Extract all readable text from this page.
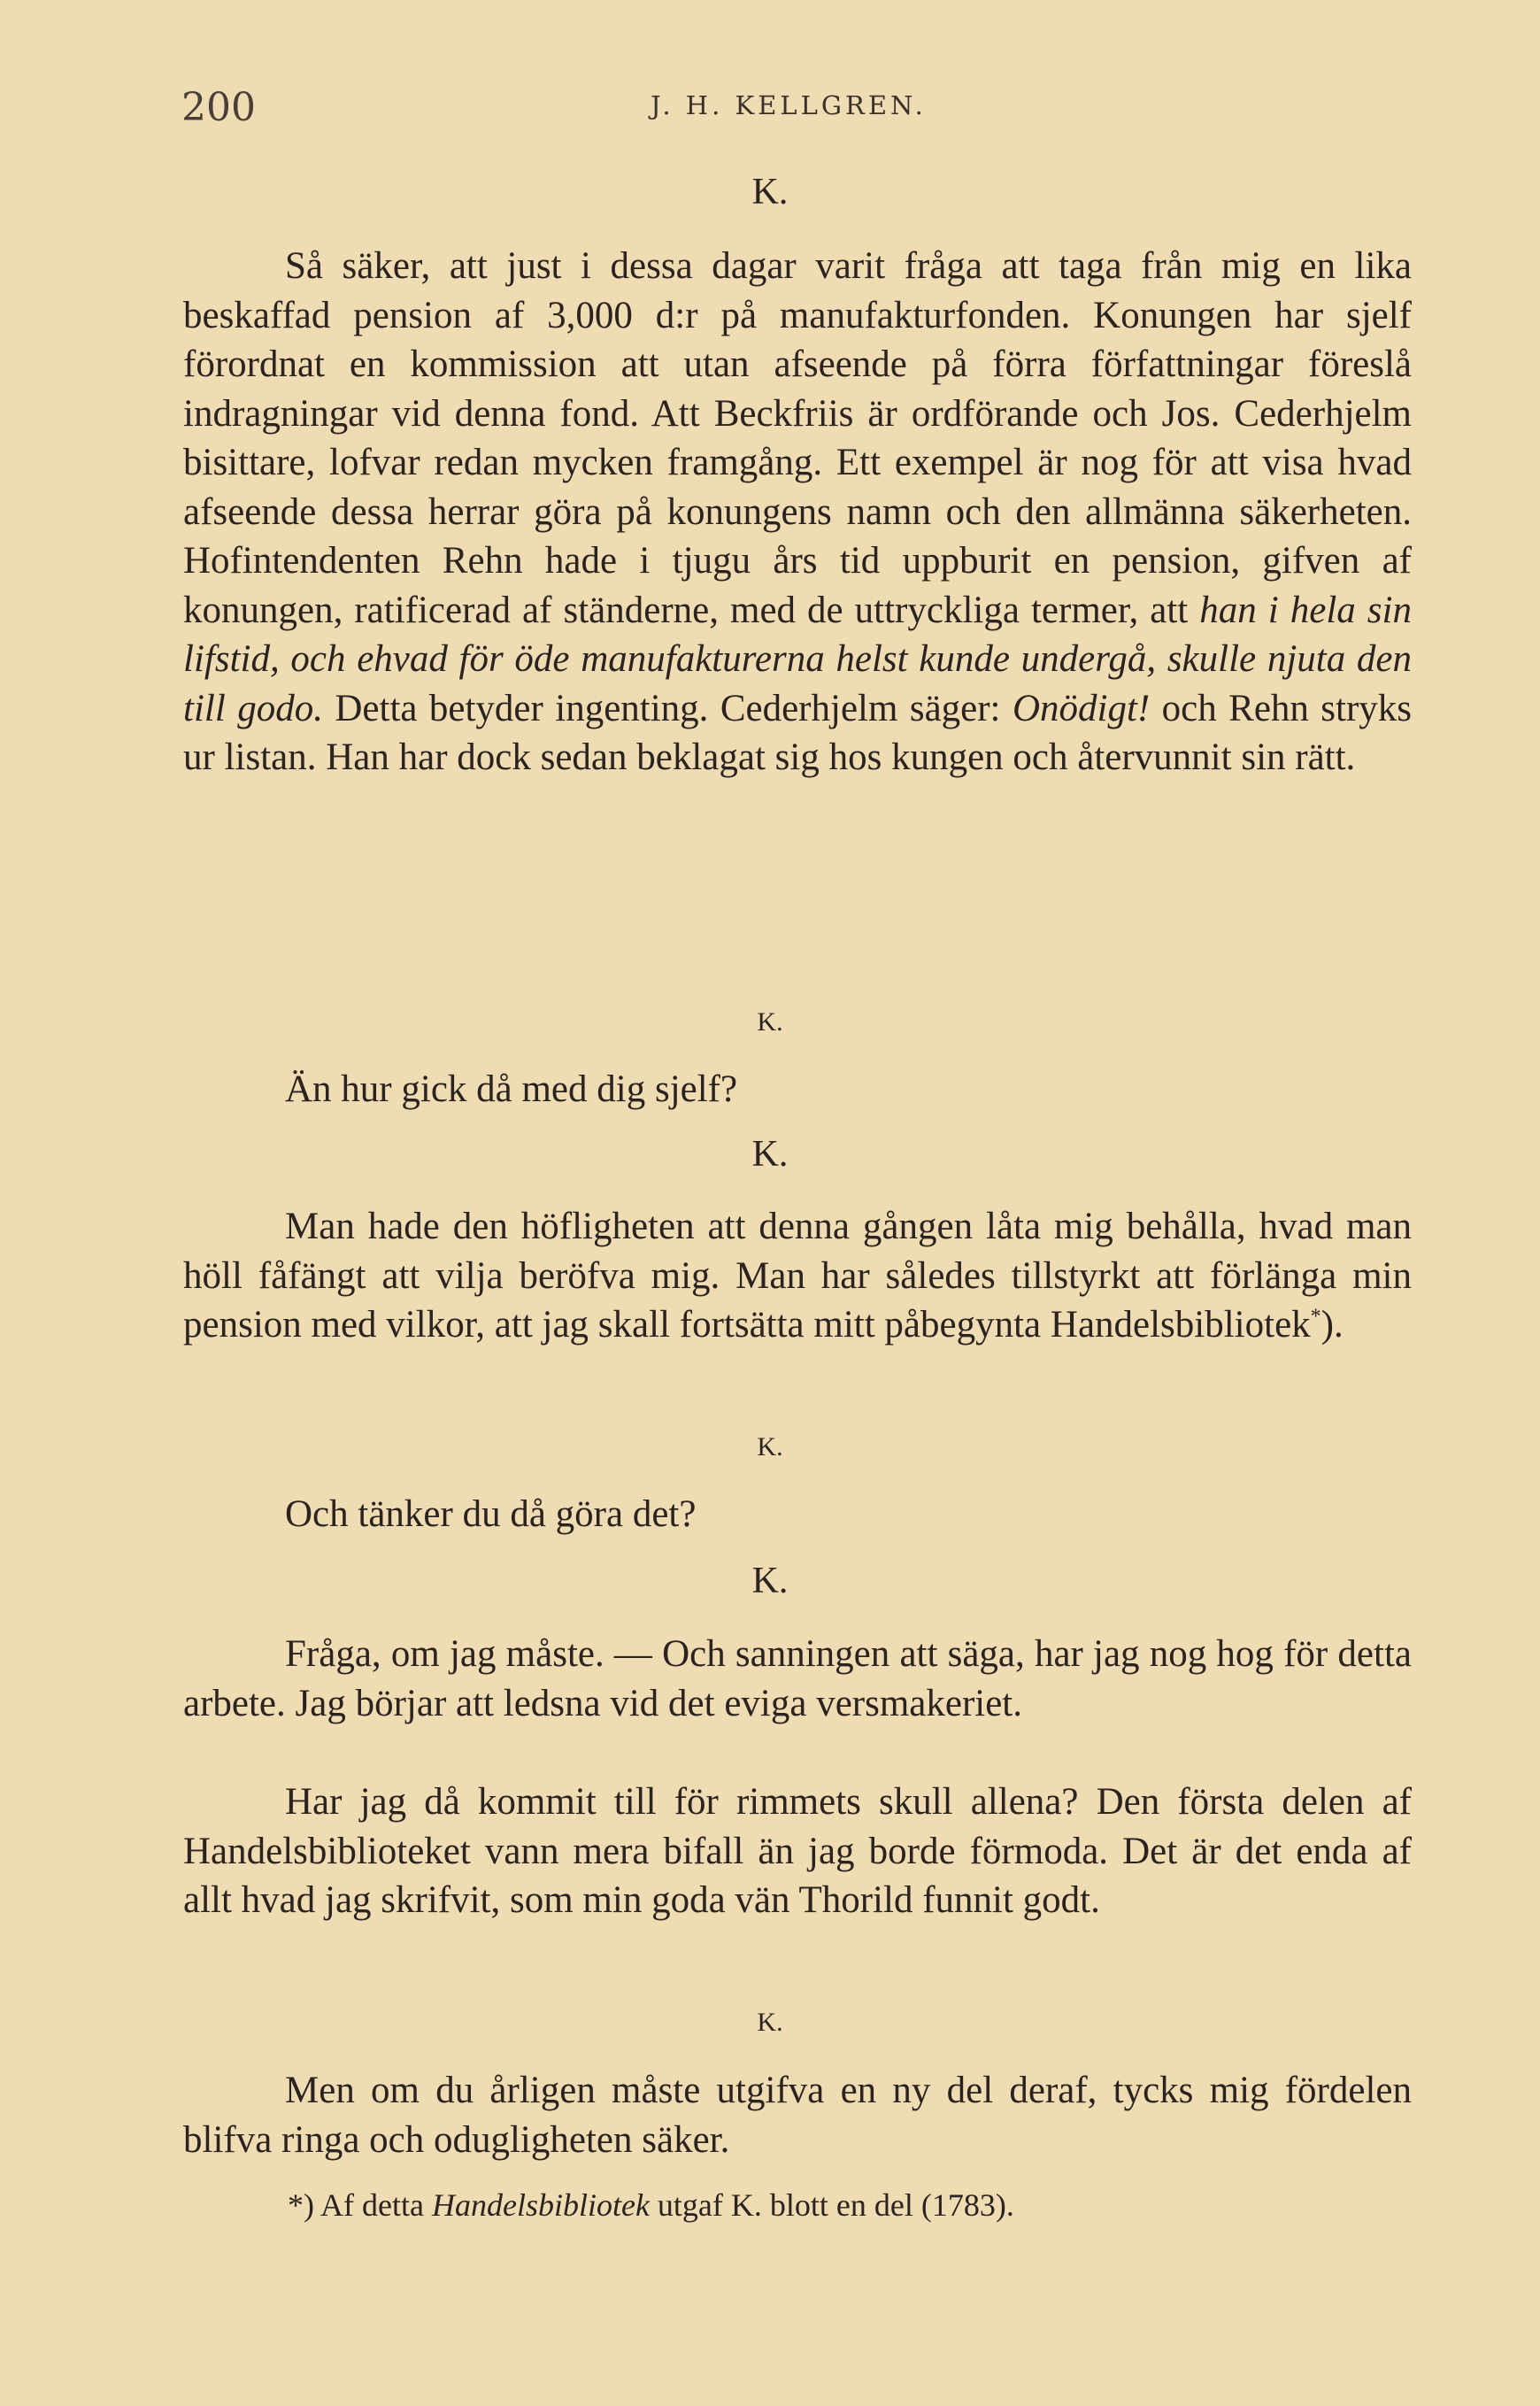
200	J. H. KELLGREN.
K.
Så säker, att just i dessa dagar varit fråga att taga från mig en lika beskaffad pension af 3,000 d:r på manufakturfonden. Konungen har sjelf förordnat en kommission att utan afseende på förra författningar föreslå indragningar vid denna fond. Att Beckfriis är ordförande och Jos. Cederhjelm bisittare, lofvar redan mycken framgång. Ett exempel är nog för att visa hvad afseende dessa herrar göra på konungens namn och den allmänna säkerheten. Hofintendenten Rehn hade i tjugu års tid uppburit en pension, gifven af konungen, ratificerad af ständerne, med de uttryckliga termer, att han i hela sin lifstid, och ehvad för öde manufakturerna helst kunde undergå, skulle njuta den till godo. Detta betyder ingenting. Cederhjelm säger: Onödigt! och Rehn stryks ur listan. Han har dock sedan beklagat sig hos kungen och återvunnit sin rätt.
K.
Än hur gick då med dig sjelf?
K.
Man hade den höfligheten att denna gången låta mig behålla, hvad man höll fåfängt att vilja beröfva mig. Man har således tillstyrkt att förlänga min pension med vilkor, att jag skall fortsätta mitt påbegynta Handelsbibliotek*).
K.
Och tänker du då göra det?
K.
Fråga, om jag måste. — Och sanningen att säga, har jag nog hog för detta arbete. Jag börjar att ledsna vid det eviga versmakeriet.
Har jag då kommit till för rimmets skull allena? Den första delen af Handelsbiblioteket vann mera bifall än jag borde förmoda. Det är det enda af allt hvad jag skrifvit, som min goda vän Thorild funnit godt.
K.
Men om du årligen måste utgifva en ny del deraf, tycks mig fördelen blifva ringa och odugligheten säker.
*) Af detta Handelsbibliotek utgaf K. blott en del (1783).
